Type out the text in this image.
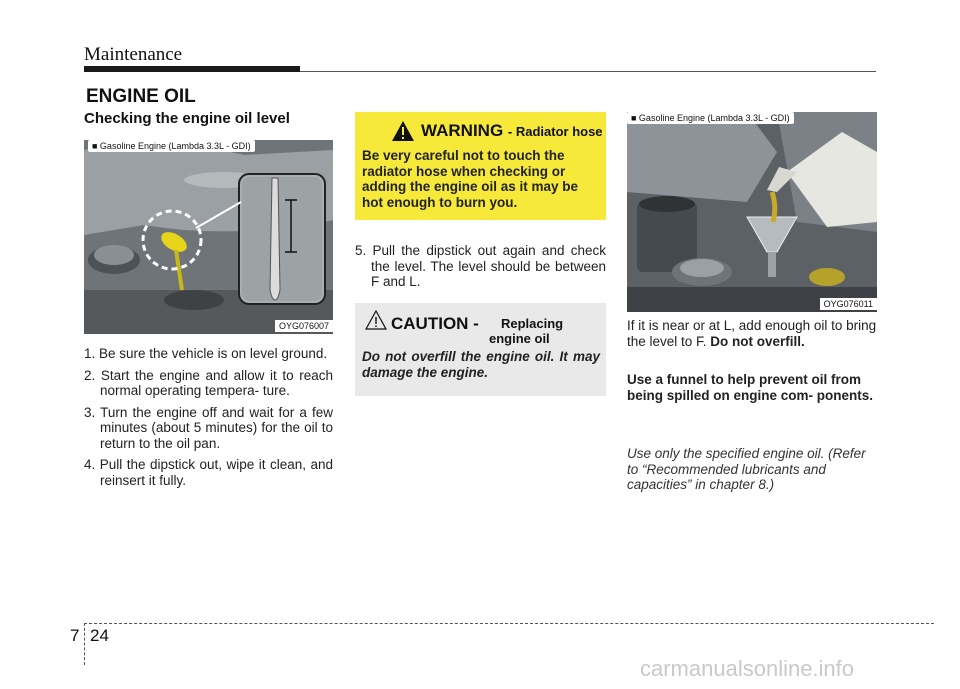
Maintenance
ENGINE OIL
Checking the engine oil level
■ Gasoline Engine (Lambda 3.3L - GDI)
OYG076007
1. Be sure the vehicle is on level ground.
2. Start the engine and allow it to reach normal operating tempera- ture.
3. Turn the engine off and wait for a few minutes (about 5 minutes) for the oil to return to the oil pan.
4. Pull the dipstick out, wipe it clean, and reinsert it fully.
WARNING - Radiator hose
Be very careful not to touch the radiator hose when checking or adding the engine oil as it may be hot enough to burn you.
5. Pull the dipstick out again and check the level. The level should be between F and L.
CAUTION - Replacing
engine oil
Do not overfill the engine oil. It may damage the engine.
■ Gasoline Engine (Lambda 3.3L - GDI)
OYG076011
If it is near or at L, add enough oil to bring the level to F. Do not overfill.
Use a funnel to help prevent oil from being spilled on engine com- ponents.
Use only the specified engine oil. (Refer to “Recommended lubricants and capacities” in chapter 8.)
7 24
carmanualsonline.info
